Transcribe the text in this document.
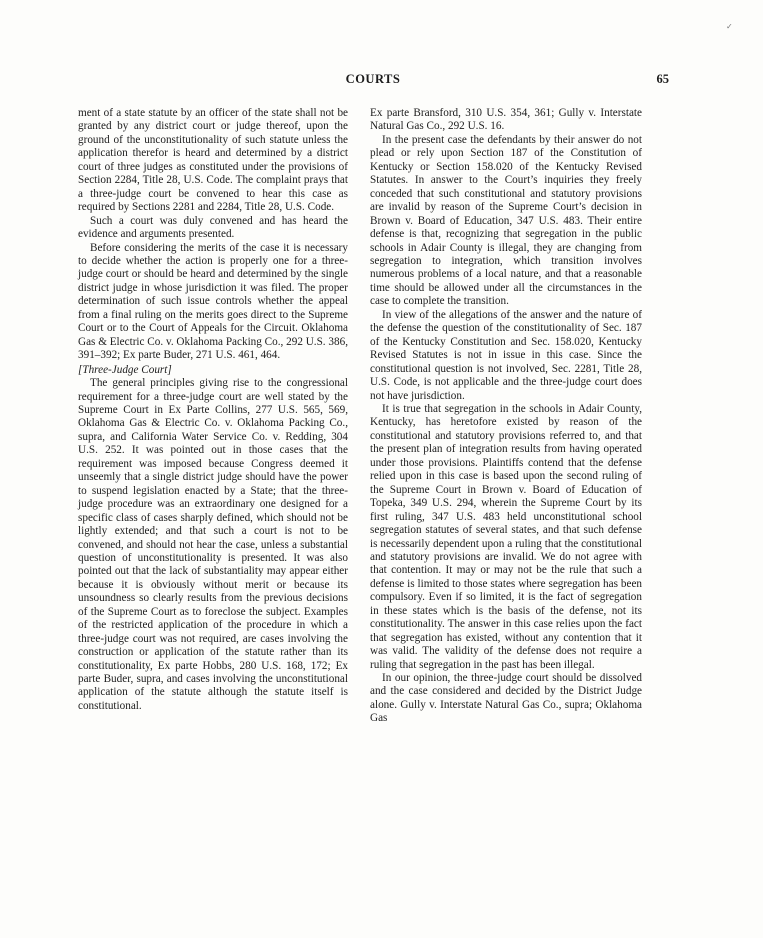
COURTS	65
✓

ment of a state statute by an officer of the state shall not be granted by any district court or judge thereof, upon the ground of the unconstitutionality of such statute unless the application therefor is heard and determined by a district court of three judges as constituted under the provisions of Section 2284, Title 28, U.S. Code. The complaint prays that a three-judge court be convened to hear this case as required by Sections 2281 and 2284, Title 28, U.S. Code.

Such a court was duly convened and has heard the evidence and arguments presented.

Before considering the merits of the case it is necessary to decide whether the action is properly one for a three-judge court or should be heard and determined by the single district judge in whose jurisdiction it was filed. The proper determination of such issue controls whether the appeal from a final ruling on the merits goes direct to the Supreme Court or to the Court of Appeals for the Circuit. Oklahoma Gas & Electric Co. v. Oklahoma Packing Co., 292 U.S. 386, 391–392; Ex parte Buder, 271 U.S. 461, 464.

[Three-Judge Court]

The general principles giving rise to the congressional requirement for a three-judge court are well stated by the Supreme Court in Ex Parte Collins, 277 U.S. 565, 569, Oklahoma Gas & Electric Co. v. Oklahoma Packing Co., supra, and California Water Service Co. v. Redding, 304 U.S. 252. It was pointed out in those cases that the requirement was imposed because Congress deemed it unseemly that a single district judge should have the power to suspend legislation enacted by a State; that the three-judge procedure was an extraordinary one designed for a specific class of cases sharply defined, which should not be lightly extended; and that such a court is not to be convened, and should not hear the case, unless a substantial question of unconstitutionality is presented. It was also pointed out that the lack of substantiality may appear either because it is obviously without merit or because its unsoundness so clearly results from the previous decisions of the Supreme Court as to foreclose the subject. Examples of the restricted application of the procedure in which a three-judge court was not required, are cases involving the construction or application of the statute rather than its constitutionality, Ex parte Hobbs, 280 U.S. 168, 172; Ex parte Buder, supra, and cases involving the unconstitutional application of the statute although the statute itself is constitutional.

Ex parte Bransford, 310 U.S. 354, 361; Gully v. Interstate Natural Gas Co., 292 U.S. 16.

In the present case the defendants by their answer do not plead or rely upon Section 187 of the Constitution of Kentucky or Section 158.020 of the Kentucky Revised Statutes. In answer to the Court’s inquiries they freely conceded that such constitutional and statutory provisions are invalid by reason of the Supreme Court’s decision in Brown v. Board of Education, 347 U.S. 483. Their entire defense is that, recognizing that segregation in the public schools in Adair County is illegal, they are changing from segregation to integration, which transition involves numerous problems of a local nature, and that a reasonable time should be allowed under all the circumstances in the case to complete the transition.

In view of the allegations of the answer and the nature of the defense the question of the constitutionality of Sec. 187 of the Kentucky Constitution and Sec. 158.020, Kentucky Revised Statutes is not in issue in this case. Since the constitutional question is not involved, Sec. 2281, Title 28, U.S. Code, is not applicable and the three-judge court does not have jurisdiction.

It is true that segregation in the schools in Adair County, Kentucky, has heretofore existed by reason of the constitutional and statutory provisions referred to, and that the present plan of integration results from having operated under those provisions. Plaintiffs contend that the defense relied upon in this case is based upon the second ruling of the Supreme Court in Brown v. Board of Education of Topeka, 349 U.S. 294, wherein the Supreme Court by its first ruling, 347 U.S. 483 held unconstitutional school segregation statutes of several states, and that such defense is necessarily dependent upon a ruling that the constitutional and statutory provisions are invalid. We do not agree with that contention. It may or may not be the rule that such a defense is limited to those states where segregation has been compulsory. Even if so limited, it is the fact of segregation in these states which is the basis of the defense, not its constitutionality. The answer in this case relies upon the fact that segregation has existed, without any contention that it was valid. The validity of the defense does not require a ruling that segregation in the past has been illegal.

In our opinion, the three-judge court should be dissolved and the case considered and decided by the District Judge alone. Gully v. Interstate Natural Gas Co., supra; Oklahoma Gas
